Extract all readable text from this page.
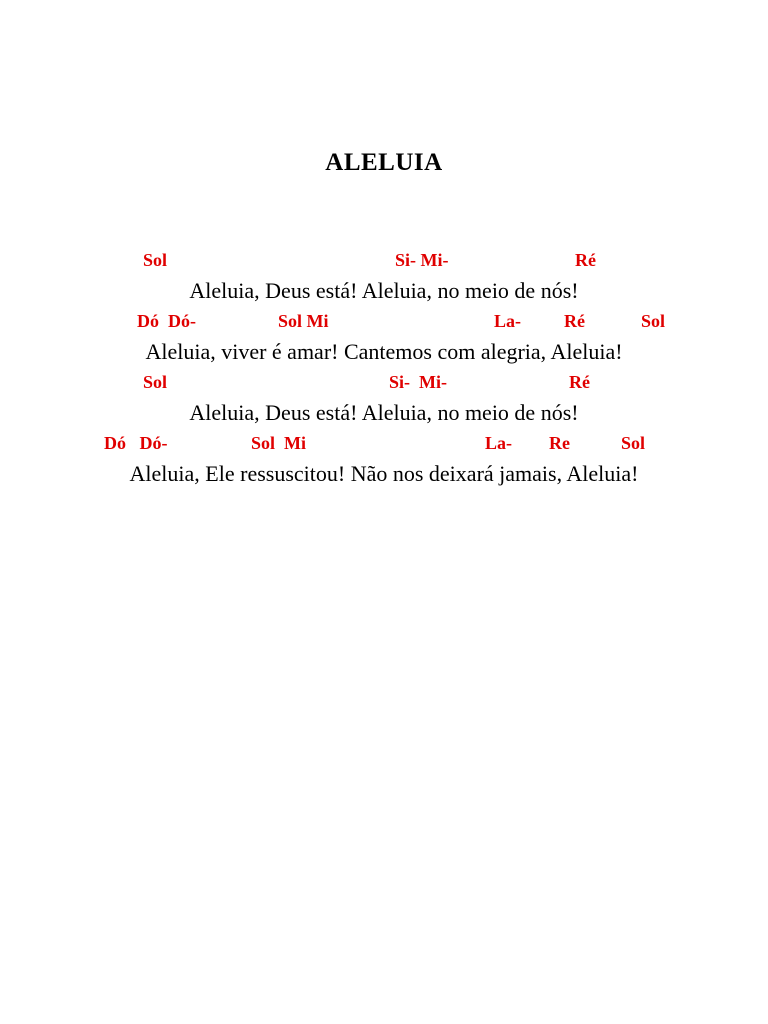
ALELUIA
Sol	Si- Mi-	Ré
Aleluia, Deus está! Aleluia, no meio de nós!
Dó  Dó-	Sol Mi	La- Ré	Sol
Aleluia, viver é amar! Cantemos com alegria, Aleluia!
Sol	Si-  Mi-	Ré
Aleluia, Deus está! Aleluia, no meio de nós!
Dó   Dó-	Sol  Mi	La- Re	Sol
Aleluia, Ele ressuscitou! Não nos deixará jamais, Aleluia!
